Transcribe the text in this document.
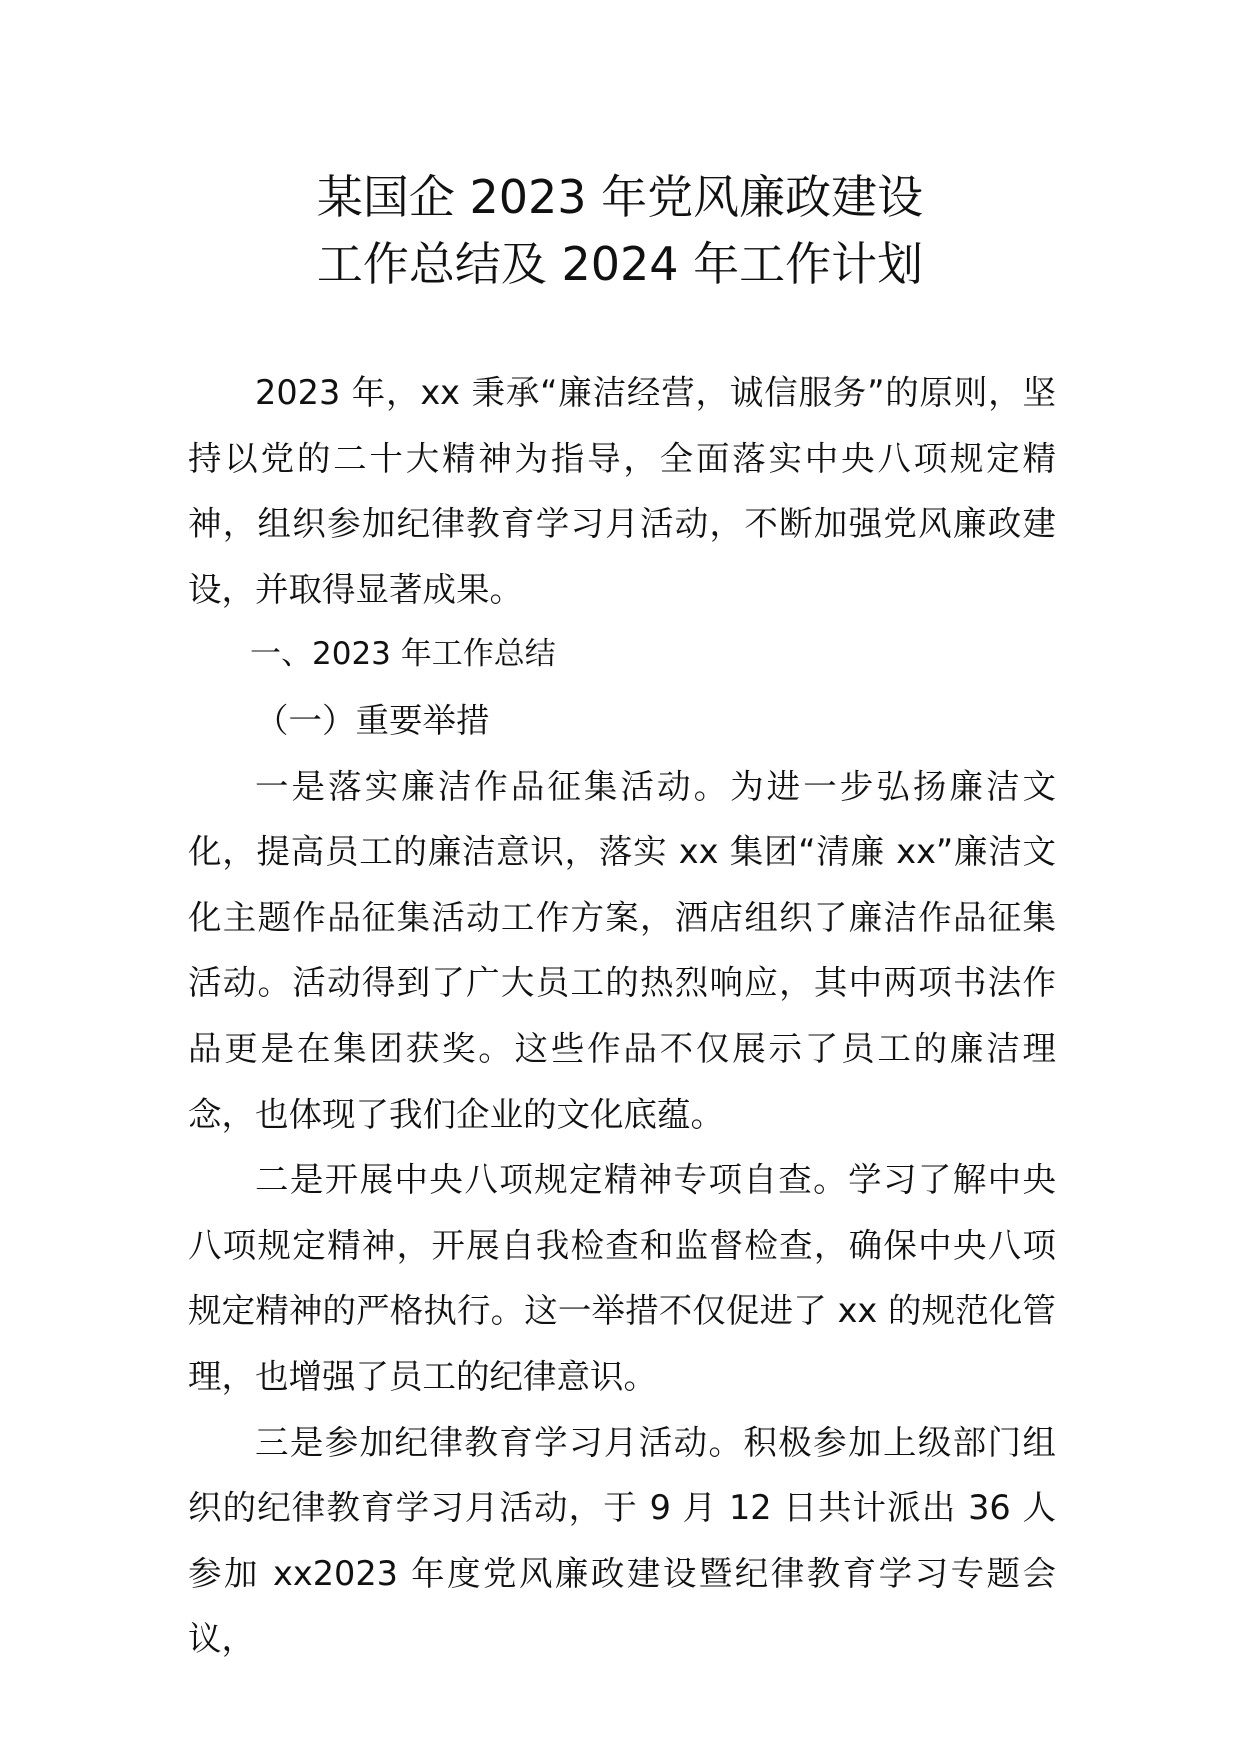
某国企 2023 年党风廉政建设
工作总结及 2024 年工作计划

2023 年，xx 秉承“廉洁经营，诚信服务”的原则，坚持以党的二十大精神为指导，全面落实中央八项规定精神，组织参加纪律教育学习月活动，不断加强党风廉政建设，并取得显著成果。

一、2023 年工作总结

（一）重要举措

一是落实廉洁作品征集活动。为进一步弘扬廉洁文化，提高员工的廉洁意识，落实 xx 集团“清廉 xx”廉洁文化主题作品征集活动工作方案，酒店组织了廉洁作品征集活动。活动得到了广大员工的热烈响应，其中两项书法作品更是在集团获奖。这些作品不仅展示了员工的廉洁理念，也体现了我们企业的文化底蕴。

二是开展中央八项规定精神专项自查。学习了解中央八项规定精神，开展自我检查和监督检查，确保中央八项规定精神的严格执行。这一举措不仅促进了 xx 的规范化管理，也增强了员工的纪律意识。

三是参加纪律教育学习月活动。积极参加上级部门组织的纪律教育学习月活动，于 9 月 12 日共计派出 36 人参加 xx2023 年度党风廉政建设暨纪律教育学习专题会议，
